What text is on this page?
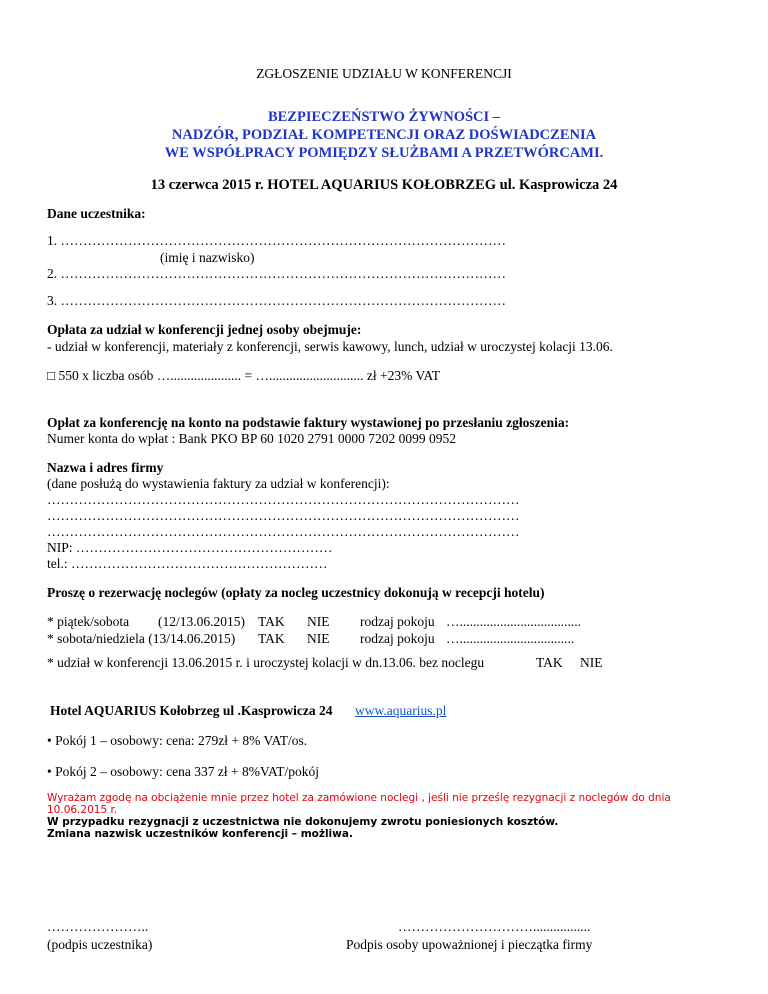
ZGŁOSZENIE UDZIAŁU W KONFERENCJI
BEZPIECZEŃSTWO ŻYWNOŚCI –
NADZÓR, PODZIAŁ KOMPETENCJI ORAZ DOŚWIADCZENIA
WE WSPÓŁPRACY POMIĘDZY SŁUŻBAMI A PRZETWÓRCAMI.
13 czerwca 2015 r. HOTEL AQUARIUS KOŁOBRZEG ul. Kasprowicza 24
Dane uczestnika:
1. ………………………………………………………………………………………
(imię i nazwisko)
2. ………………………………………………………………………………………
3. ………………………………………………………………………………………
Opłata za udział w konferencji jednej osoby obejmuje:
- udział w konferencji, materiały z konferencji, serwis kawowy, lunch, udział w uroczystej kolacji 13.06.
□ 550 x liczba osób …..................... = …............................ zł +23% VAT
Opłat za konferencję na konto na podstawie faktury wystawionej po przesłaniu zgłoszenia:
Numer konta do wpłat : Bank PKO BP 60 1020 2791 0000 7202 0099 0952
Nazwa i adres firmy
(dane posłużą do wystawienia faktury za udział w konferencji):
……………………………………………………………………………………………
……………………………………………………………………………………………
……………………………………………………………………………………………
NIP: …………………………………………………
tel.: …………………………………………………
Proszę o rezerwację noclegów (opłaty za nocleg uczestnicy dokonują w recepcji hotelu)
* piątek/sobota (12/13.06.2015) TAK NIE rodzaj pokoju …....................................
* sobota/niedziela (13/14.06.2015) TAK NIE rodzaj pokoju …..................................
* udział w konferencji 13.06.2015 r. i uroczystej kolacji w dn.13.06. bez noclegu	TAK NIE
Hotel AQUARIUS Kołobrzeg ul .Kasprowicza 24 www.aquarius.pl
• Pokój 1 – osobowy: cena: 279zł + 8% VAT/os.
• Pokój 2 – osobowy: cena 337 zł + 8%VAT/pokój
Wyrażam zgodę na obciążenie mnie przez hotel za zamówione noclegi , jeśli nie prześlę rezygnacji z noclegów do dnia
10.06.2015 r.
W przypadku rezygnacji z uczestnictwa nie dokonujemy zwrotu poniesionych kosztów.
Zmiana nazwisk uczestników konferencji – możliwa.
…………………..
(podpis uczestnika)
………………………….................
Podpis osoby upoważnionej i pieczątka firmy
